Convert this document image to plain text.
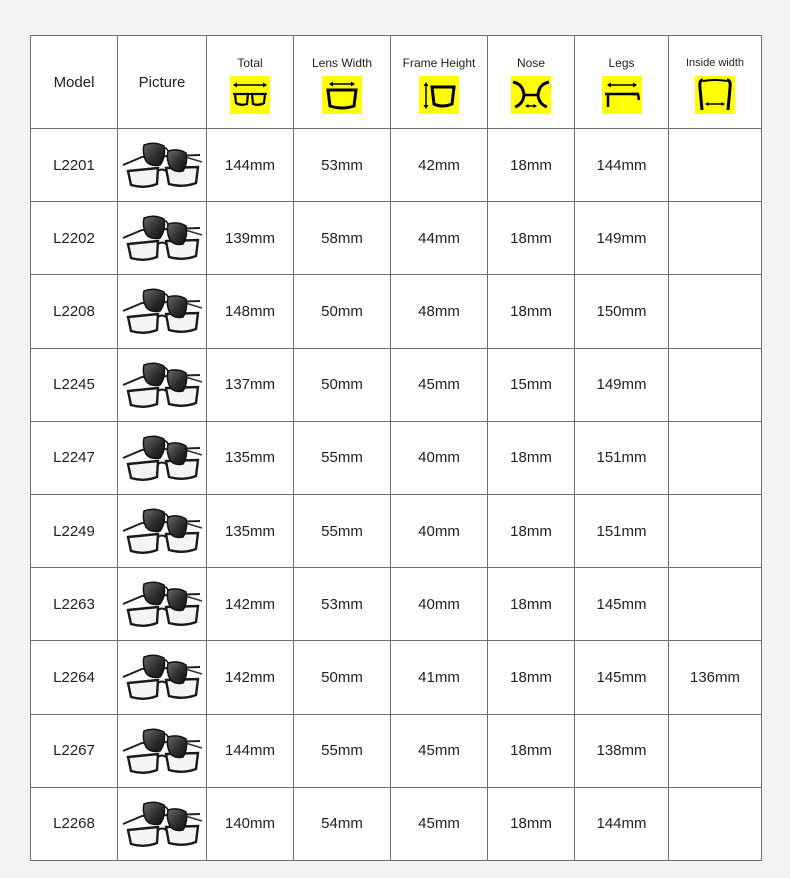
Model	Picture	Total	Lens Width	Frame Height	Nose	Legs	Inside width

L2201		144mm	53mm	42mm	18mm	144mm	
L2202		139mm	58mm	44mm	18mm	149mm	
L2208		148mm	50mm	48mm	18mm	150mm	
L2245		137mm	50mm	45mm	15mm	149mm	
L2247		135mm	55mm	40mm	18mm	151mm	
L2249		135mm	55mm	40mm	18mm	151mm	
L2263		142mm	53mm	40mm	18mm	145mm	
L2264		142mm	50mm	41mm	18mm	145mm	136mm
L2267		144mm	55mm	45mm	18mm	138mm	
L2268		140mm	54mm	45mm	18mm	144mm	
